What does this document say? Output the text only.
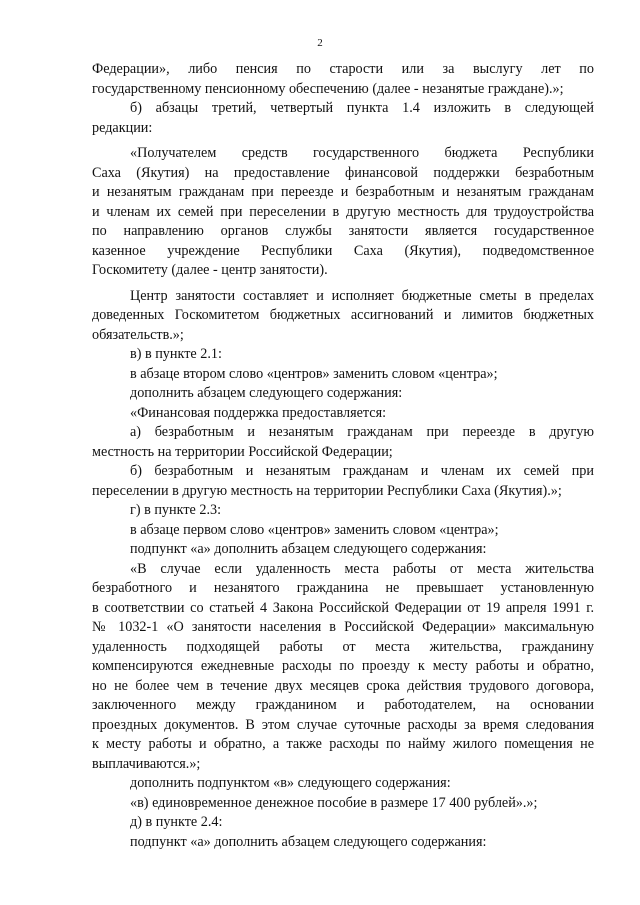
2

Федерации», либо пенсия по старости или за выслугу лет по

государственному пенсионному обеспечению (далее - незанятые граждане).»;

б) абзацы третий, четвертый пункта 1.4 изложить в следующей

редакции:

«Получателем средств государственного бюджета Республики

Саха (Якутия) на предоставление финансовой поддержки безработным

и незанятым гражданам при переезде и безработным и незанятым гражданам

и членам их семей при переселении в другую местность для трудоустройства

по направлению органов службы занятости является государственное

казенное учреждение Республики Саха (Якутия), подведомственное

Госкомитету (далее - центр занятости).

Центр занятости составляет и исполняет бюджетные сметы в пределах

доведенных Госкомитетом бюджетных ассигнований и лимитов бюджетных

обязательств.»;

в) в пункте 2.1:

в абзаце втором слово «центров» заменить словом «центра»;

дополнить абзацем следующего содержания:

«Финансовая поддержка предоставляется:

а) безработным и незанятым гражданам при переезде в другую

местность на территории Российской Федерации;

б) безработным и незанятым гражданам и членам их семей при

переселении в другую местность на территории Республики Саха (Якутия).»;

г) в пункте 2.3:

в абзаце первом слово «центров» заменить словом «центра»;

подпункт «а» дополнить абзацем следующего содержания:

«В случае если удаленность места работы от места жительства

безработного и незанятого гражданина не превышает установленную

в соответствии со статьей 4 Закона Российской Федерации от 19 апреля 1991 г.

№ 1032-1 «О занятости населения в Российской Федерации» максимальную

удаленность подходящей работы от места жительства, гражданину

компенсируются ежедневные расходы по проезду к месту работы и обратно,

но не более чем в течение двух месяцев срока действия трудового договора,

заключенного между гражданином и работодателем, на основании

проездных документов. В этом случае суточные расходы за время следования

к месту работы и обратно, а также расходы по найму жилого помещения не

выплачиваются.»;

дополнить подпунктом «в» следующего содержания:

«в) единовременное денежное пособие в размере 17 400 рублей».»;

д) в пункте 2.4:

подпункт «а» дополнить абзацем следующего содержания:
